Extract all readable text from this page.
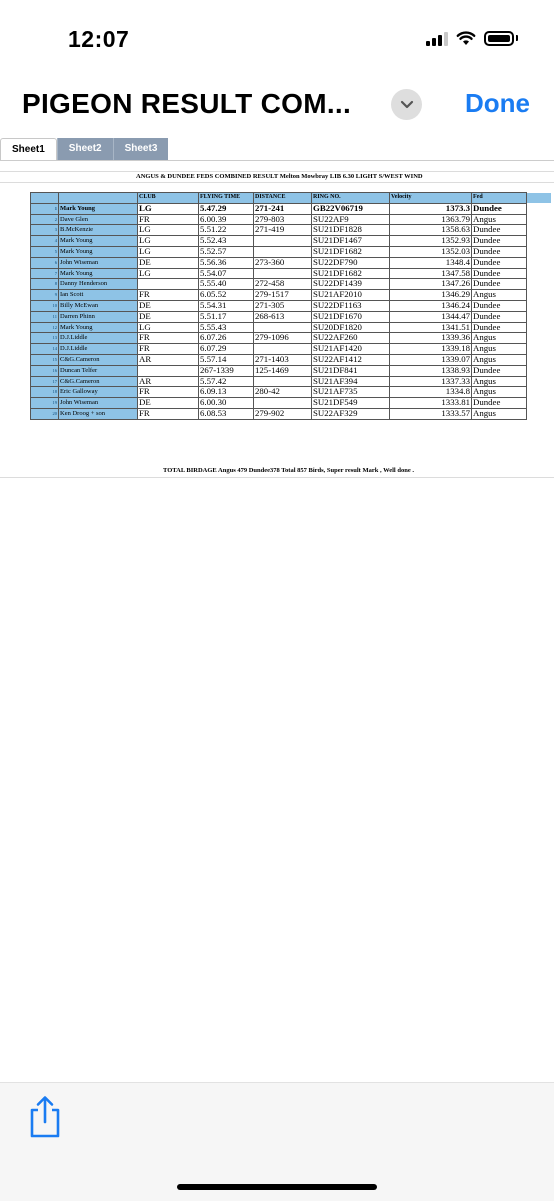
12:07
PIGEON RESULT COM...	Done
Sheet1	Sheet2	Sheet3
ANGUS & DUNDEE FEDS COMBINED RESULT Melton Mowbray LIB 6.30 LIGHT S/WEST WIND
		CLUB	FLYING TIME	DISTANCE	RING NO.	Velocity	Fed	
1	Mark Young	LG	5.47.29	271-241	GB22V06719	1373.3	Dundee	
2	Dave Glen	FR	6.00.39	279-803	SU22AF9	1363.79	Angus	
3	B.McKenzie	LG	5.51.22	271-419	SU21DF1828	1358.63	Dundee	
4	Mark Young	LG	5.52.43		SU21DF1467	1352.93	Dundee	
5	Mark Young	LG	5.52.57		SU21DF1682	1352.03	Dundee	
6	John Wiseman	DE	5.56.36	273-360	SU22DF790	1348.4	Dundee	
7	Mark Young	LG	5.54.07		SU21DF1682	1347.58	Dundee	
8	Danny Henderson		5.55.40	272-458	SU22DF1439	1347.26	Dundee	
9	Ian Scott	FR	6.05.52	279-1517	SU21AF2010	1346.29	Angus	
10	Billy McEwan	DE	5.54.31	271-305	SU22DF1163	1346.24	Dundee	
11	Darren Phinn	DE	5.51.17	268-613	SU21DF1670	1344.47	Dundee	
12	Mark Young	LG	5.55.43		SU20DF1820	1341.51	Dundee	
13	D.J.Liddle	FR	6.07.26	279-1096	SU22AF260	1339.36	Angus	
14	D.J.Liddle	FR	6.07.29		SU21AF1420	1339.18	Angus	
15	C&G.Cameron	AR	5.57.14	271-1403	SU22AF1412	1339.07	Angus	
16	Duncan Telfer		267-1339	125-1469	SU21DF841	1338.93	Dundee	
17	C&G.Cameron	AR	5.57.42		SU21AF394	1337.33	Angus	
18	Eric Galloway	FR	6.09.13	280-42	SU21AF735	1334.8	Angus	
19	John Wiseman	DE	6.00.30		SU21DF549	1333.81	Dundee	
20	Ken Droog + son	FR	6.08.53	279-902	SU22AF329	1333.57	Angus	
TOTAL BIRDAGE Angus 479 Dundee378 Total 857 Birds, Super result Mark , Well done .
